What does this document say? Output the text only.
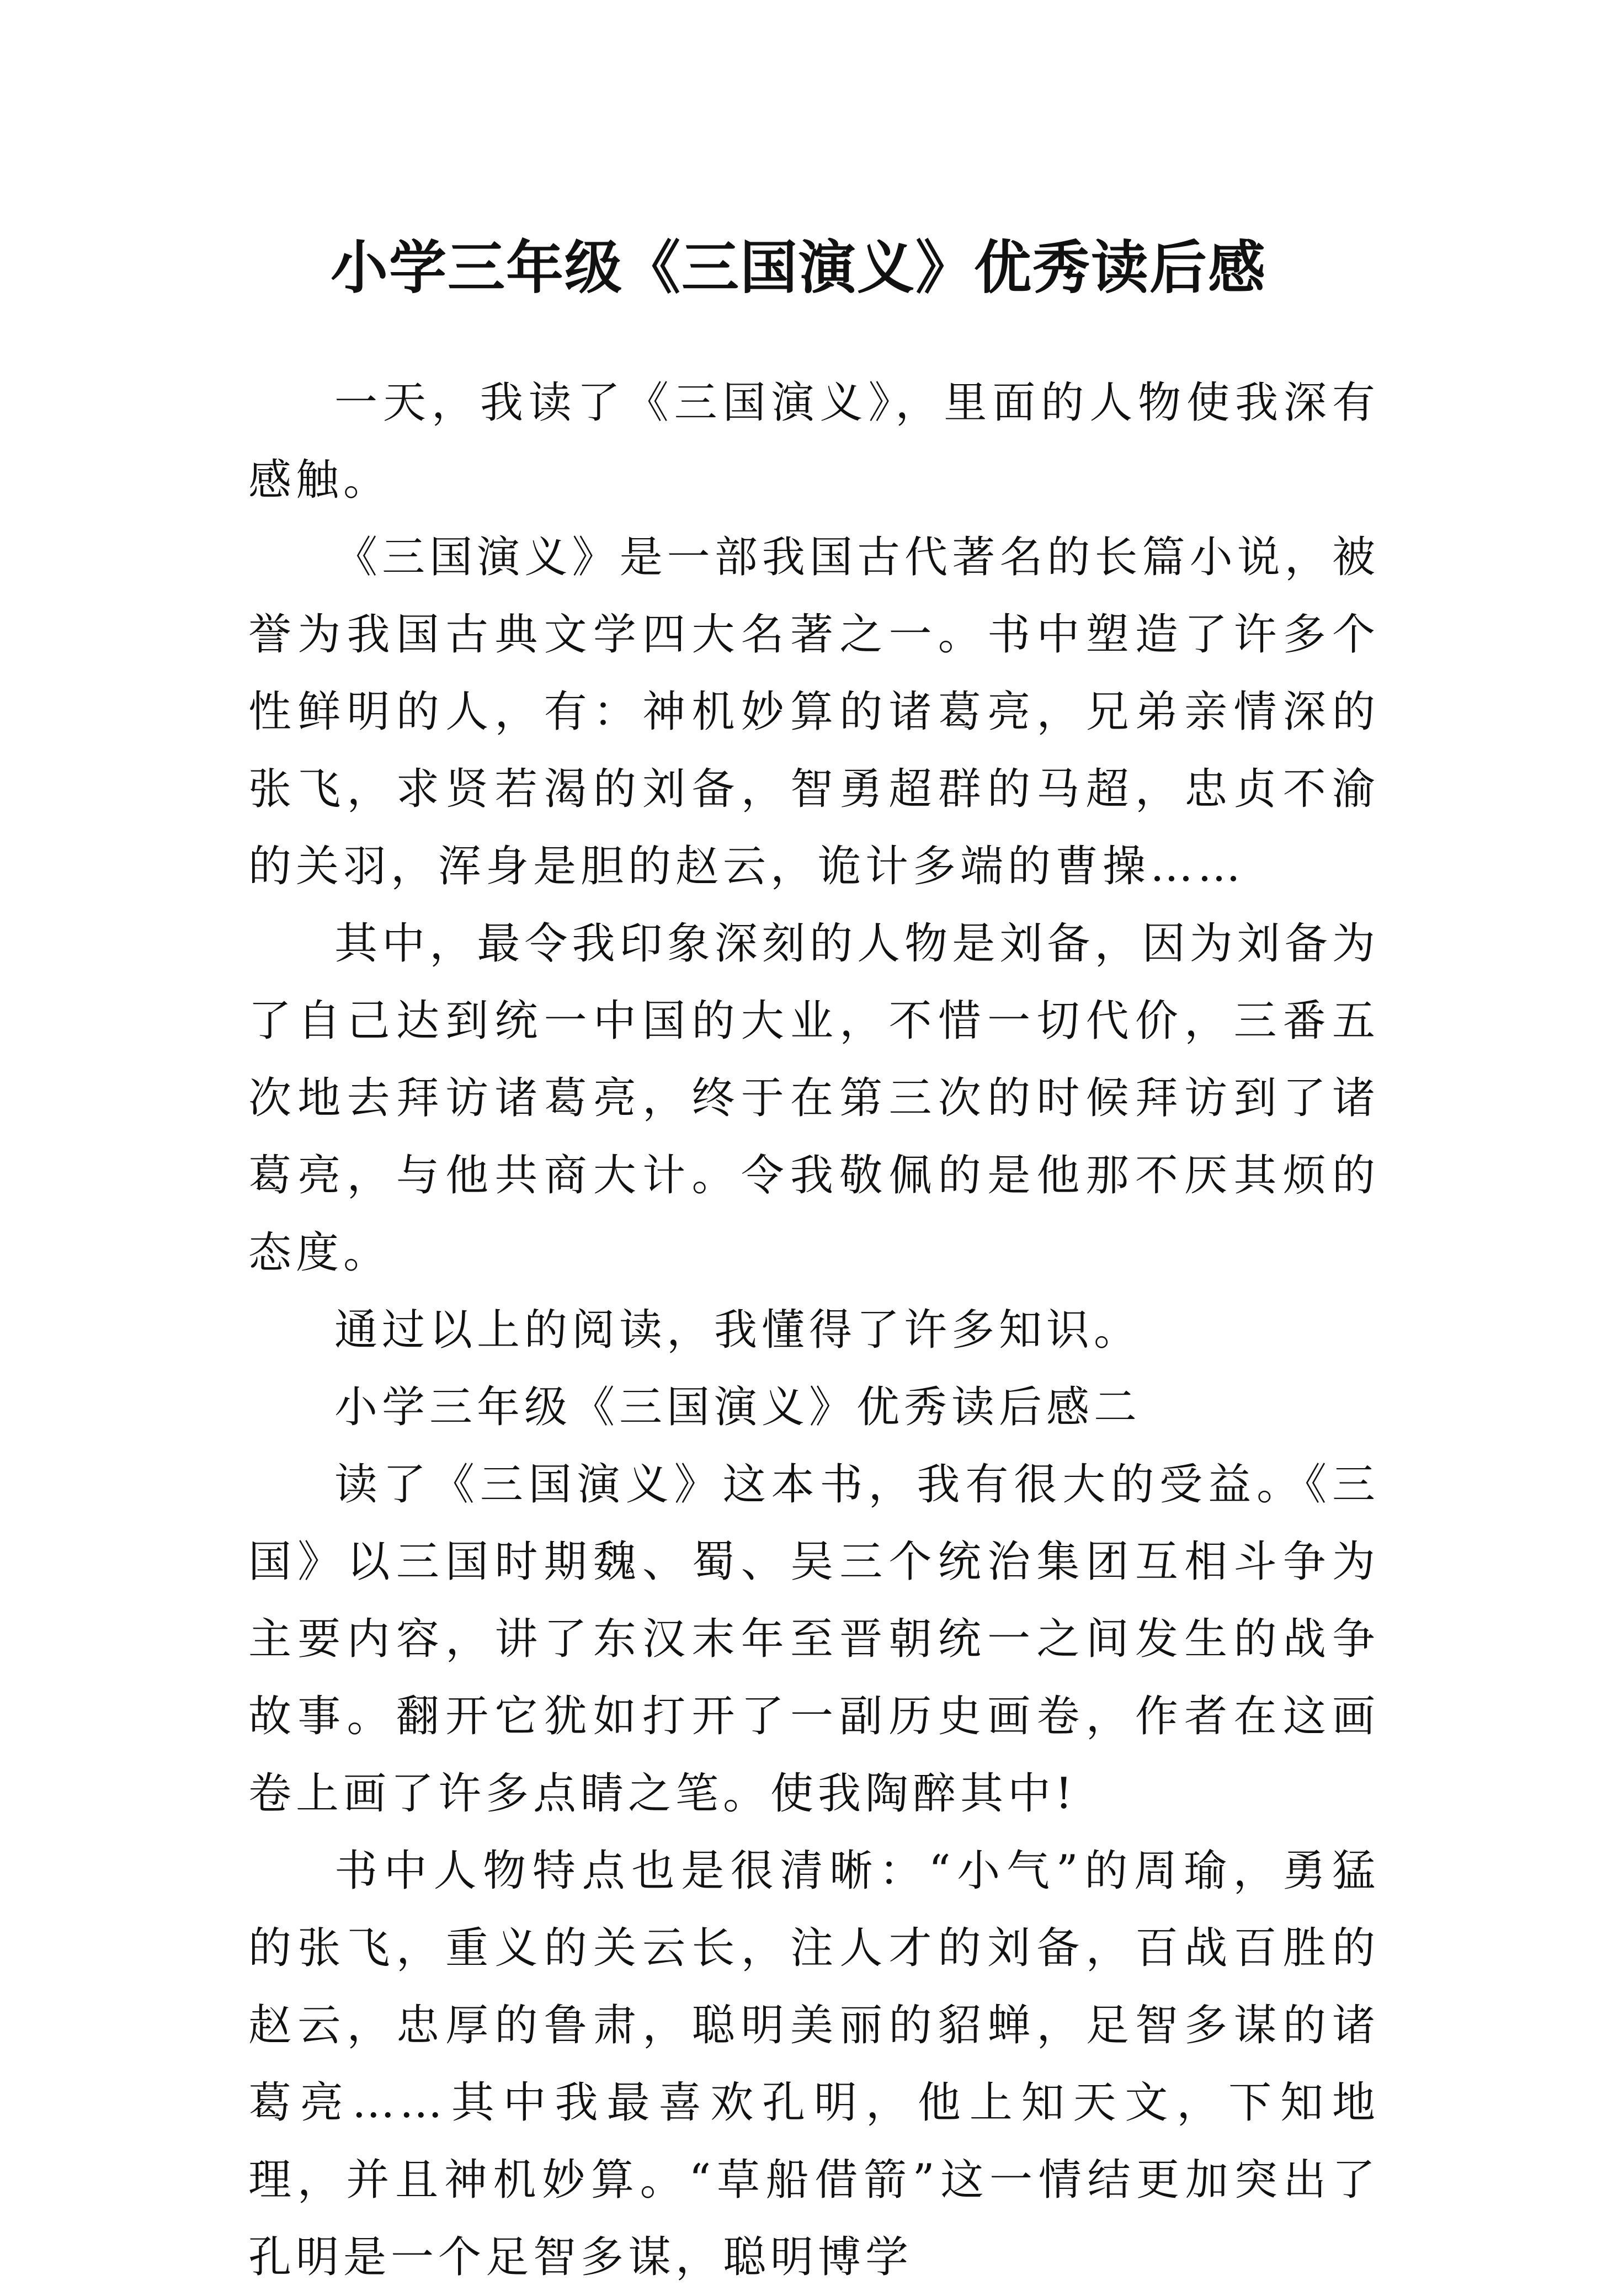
小学三年级《三国演义》优秀读后感

一天，我读了《三国演义》，里面的人物使我深有感触。

《三国演义》是一部我国古代著名的长篇小说，被誉为我国古典文学四大名著之一。书中塑造了许多个性鲜明的人，有：神机妙算的诸葛亮，兄弟亲情深的张飞，求贤若渴的刘备，智勇超群的马超，忠贞不渝的关羽，浑身是胆的赵云，诡计多端的曹操……

其中，最令我印象深刻的人物是刘备，因为刘备为了自己达到统一中国的大业，不惜一切代价，三番五次地去拜访诸葛亮，终于在第三次的时候拜访到了诸葛亮，与他共商大计。令我敬佩的是他那不厌其烦的态度。

通过以上的阅读，我懂得了许多知识。

小学三年级《三国演义》优秀读后感二

读了《三国演义》这本书，我有很大的受益。《三国》以三国时期魏、蜀、吴三个统治集团互相斗争为主要内容，讲了东汉末年至晋朝统一之间发生的战争故事。翻开它犹如打开了一副历史画卷，作者在这画卷上画了许多点睛之笔。使我陶醉其中!

书中人物特点也是很清晰：“小气”的周瑜，勇猛的张飞，重义的关云长，注人才的刘备，百战百胜的赵云，忠厚的鲁肃，聪明美丽的貂蝉，足智多谋的诸葛亮……其中我最喜欢孔明，他上知天文，下知地理，并且神机妙算。“草船借箭”这一情结更加突出了孔明是一个足智多谋，聪明博学
